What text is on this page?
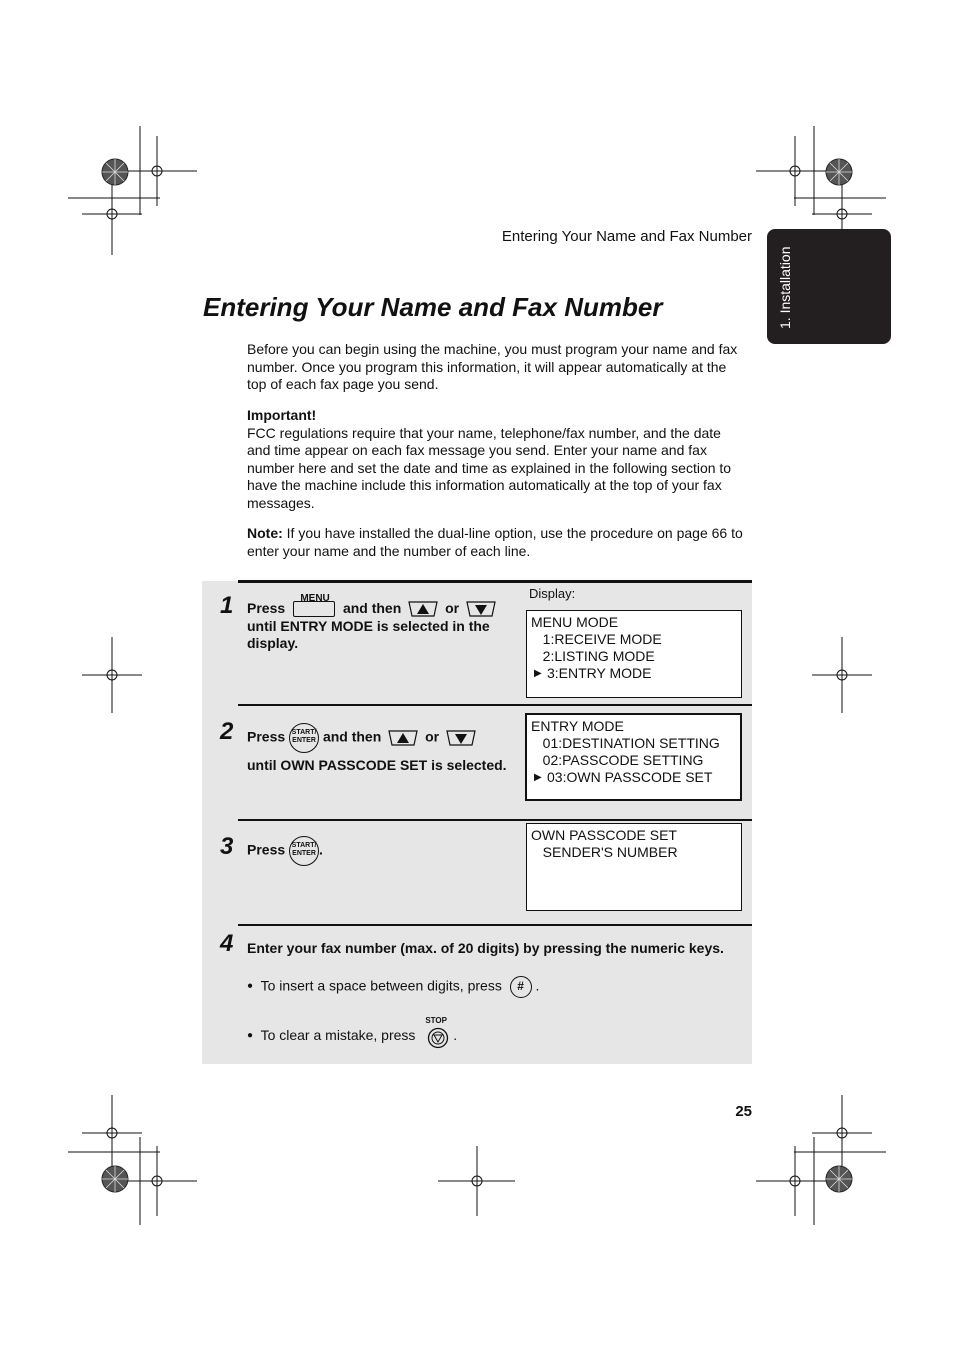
Entering Your Name and Fax Number
1. Installation
Entering Your Name and Fax Number

Before you can begin using the machine, you must program your name and fax number. Once you program this information, it will appear automatically at the top of each fax page you send.

Important!
FCC regulations require that your name, telephone/fax number, and the date and time appear on each fax message you send. Enter your name and fax number here and set the date and time as explained in the following section to have the machine include this information automatically at the top of your fax messages.

Note: If you have installed the dual-line option, use the procedure on page 66 to enter your name and the number of each line.

1 Press
MENU
and then	or
until ENTRY MODE is selected in the display.
Display:
MENU MODE
1:RECEIVE MODE
2:LISTING MODE
▶ 3:ENTRY MODE
2 Press START/
ENTER and then	or
until OWN PASSCODE SET is selected.
ENTRY MODE
01:DESTINATION SETTING
02:PASSCODE SETTING
▶ 03:OWN PASSCODE SET
3 Press START/
ENTER .
OWN PASSCODE SET
SENDER'S NUMBER
4 Enter your fax number (max. of 20 digits) by pressing the numeric keys.
● To insert a space between digits, press # .
● To clear a mistake, press
STOP
.
25
